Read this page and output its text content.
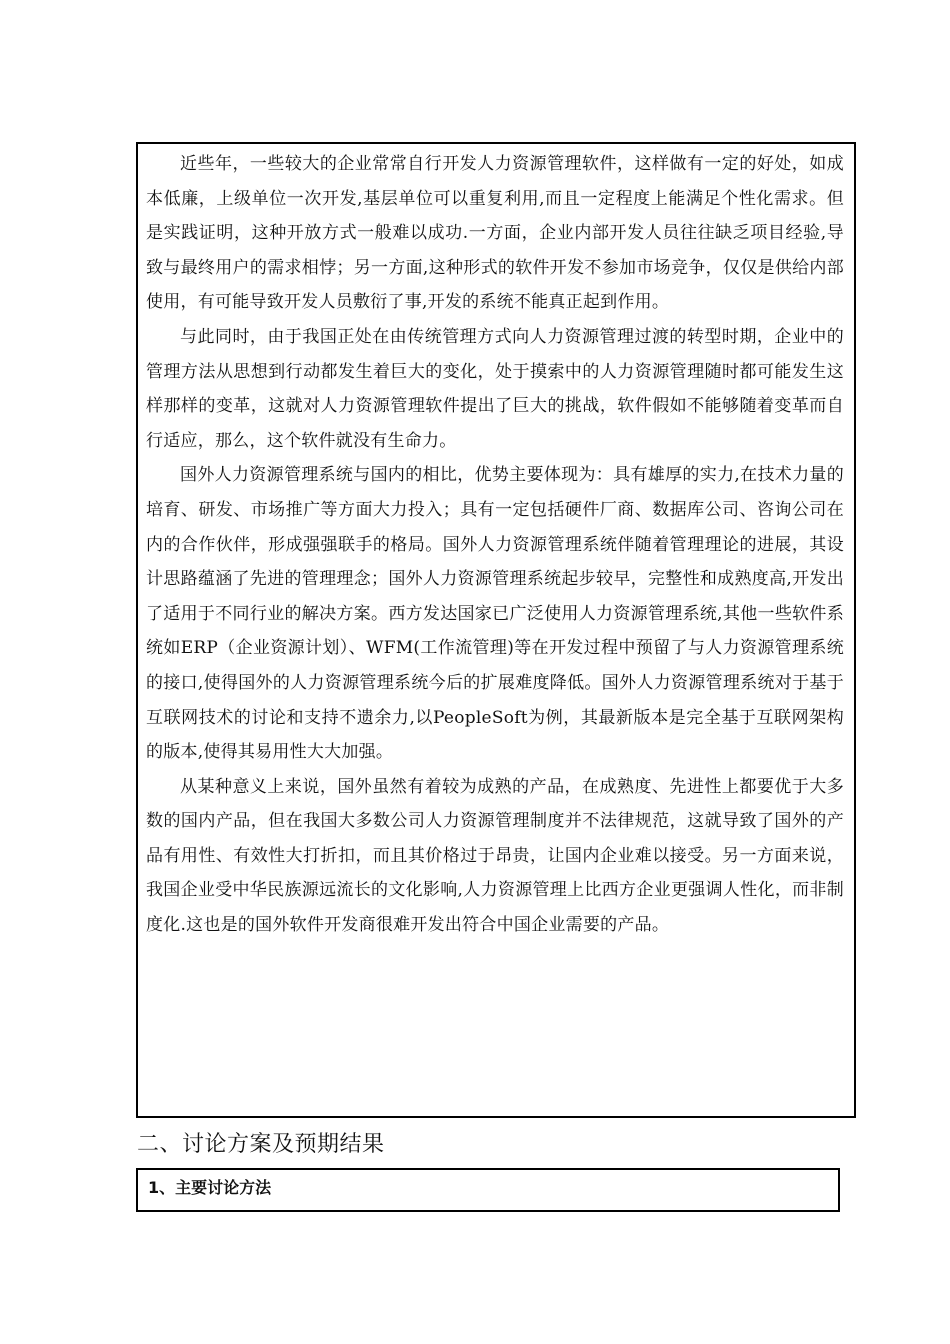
近些年，一些较大的企业常常自行开发人力资源管理软件，这样做有一定的好处，如成本低廉，上级单位一次开发,基层单位可以重复利用,而且一定程度上能满足个性化需求。但是实践证明，这种开放方式一般难以成功.一方面，企业内部开发人员往往缺乏项目经验,导致与最终用户的需求相悖；另一方面,这种形式的软件开发不参加市场竞争，仅仅是供给内部使用，有可能导致开发人员敷衍了事,开发的系统不能真正起到作用。

与此同时，由于我国正处在由传统管理方式向人力资源管理过渡的转型时期，企业中的管理方法从思想到行动都发生着巨大的变化，处于摸索中的人力资源管理随时都可能发生这样那样的变革，这就对人力资源管理软件提出了巨大的挑战，软件假如不能够随着变革而自行适应，那么，这个软件就没有生命力。

国外人力资源管理系统与国内的相比，优势主要体现为：具有雄厚的实力,在技术力量的培育、研发、市场推广等方面大力投入；具有一定包括硬件厂商、数据库公司、咨询公司在内的合作伙伴，形成强强联手的格局。国外人力资源管理系统伴随着管理理论的进展，其设计思路蕴涵了先进的管理理念；国外人力资源管理系统起步较早，完整性和成熟度高,开发出了适用于不同行业的解决方案。西方发达国家已广泛使用人力资源管理系统,其他一些软件系统如ERP（企业资源计划）、WFM(工作流管理)等在开发过程中预留了与人力资源管理系统的接口,使得国外的人力资源管理系统今后的扩展难度降低。国外人力资源管理系统对于基于互联网技术的讨论和支持不遗余力,以PeopleSoft为例，其最新版本是完全基于互联网架构的版本,使得其易用性大大加强。

从某种意义上来说，国外虽然有着较为成熟的产品，在成熟度、先进性上都要优于大多数的国内产品，但在我国大多数公司人力资源管理制度并不法律规范，这就导致了国外的产品有用性、有效性大打折扣，而且其价格过于昂贵，让国内企业难以接受。另一方面来说，我国企业受中华民族源远流长的文化影响,人力资源管理上比西方企业更强调人性化，而非制度化.这也是的国外软件开发商很难开发出符合中国企业需要的产品。

二、讨论方案及预期结果
1、主要讨论方法
